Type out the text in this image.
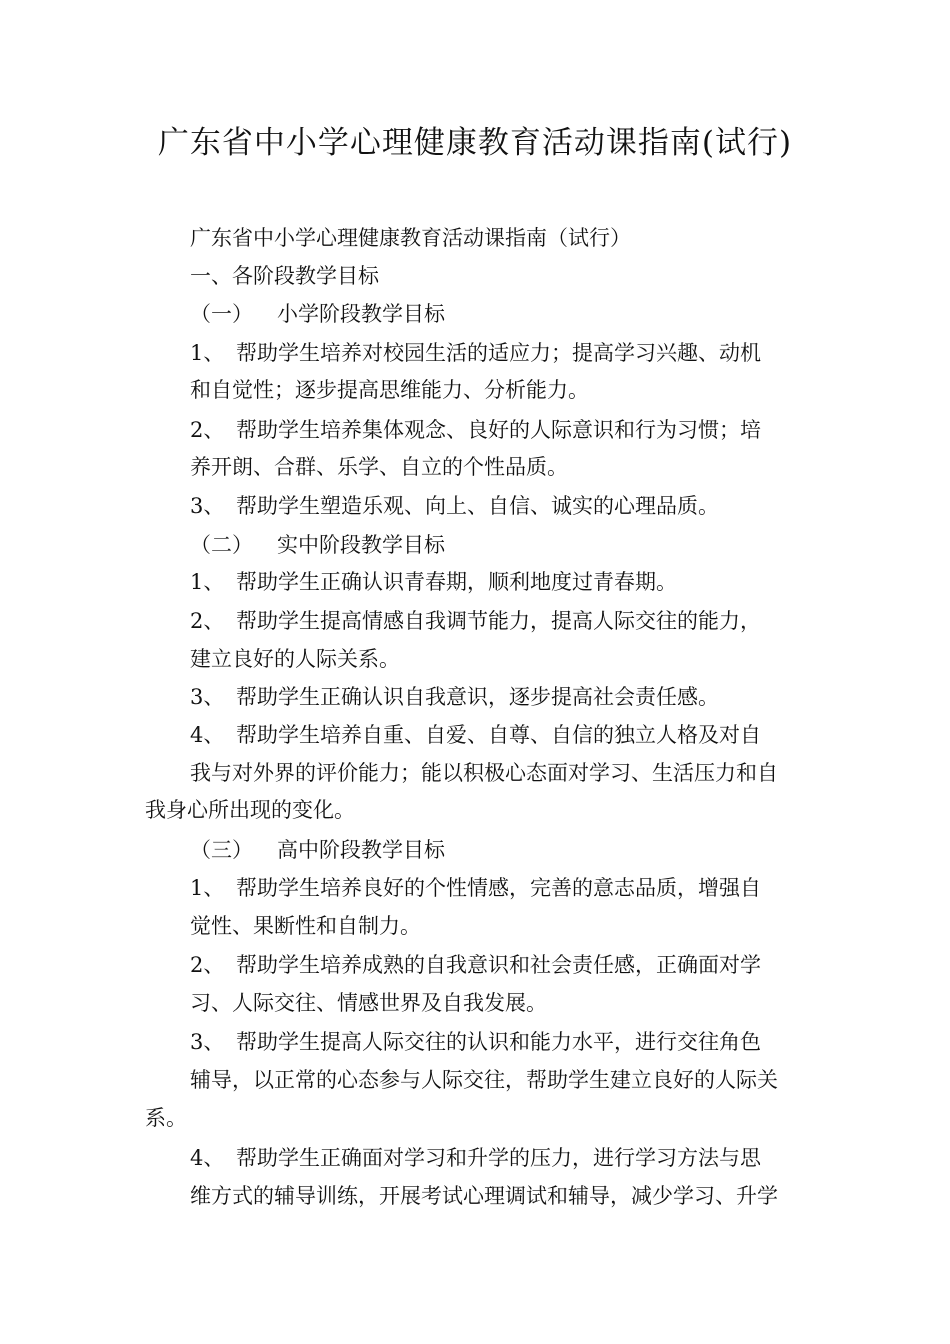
广东省中小学心理健康教育活动课指南(试行)
广东省中小学心理健康教育活动课指南（试行）
一、各阶段教学目标
（一） 小学阶段教学目标
1、 帮助学生培养对校园生活的适应力；提高学习兴趣、动机
和自觉性；逐步提高思维能力、分析能力。
2、 帮助学生培养集体观念、良好的人际意识和行为习惯；培
养开朗、合群、乐学、自立的个性品质。
3、 帮助学生塑造乐观、向上、自信、诚实的心理品质。
（二） 实中阶段教学目标
1、 帮助学生正确认识青春期，顺利地度过青春期。
2、 帮助学生提高情感自我调节能力，提高人际交往的能力，
建立良好的人际关系。
3、 帮助学生正确认识自我意识，逐步提高社会责任感。
4、 帮助学生培养自重、自爱、自尊、自信的独立人格及对自
我与对外界的评价能力；能以积极心态面对学习、生活压力和自
我身心所出现的变化。
（三） 高中阶段教学目标
1、 帮助学生培养良好的个性情感，完善的意志品质，增强自
觉性、果断性和自制力。
2、 帮助学生培养成熟的自我意识和社会责任感，正确面对学
习、人际交往、情感世界及自我发展。
3、 帮助学生提高人际交往的认识和能力水平，进行交往角色
辅导，以正常的心态参与人际交往，帮助学生建立良好的人际关
系。
4、 帮助学生正确面对学习和升学的压力，进行学习方法与思
维方式的辅导训练，开展考试心理调试和辅导，减少学习、升学
